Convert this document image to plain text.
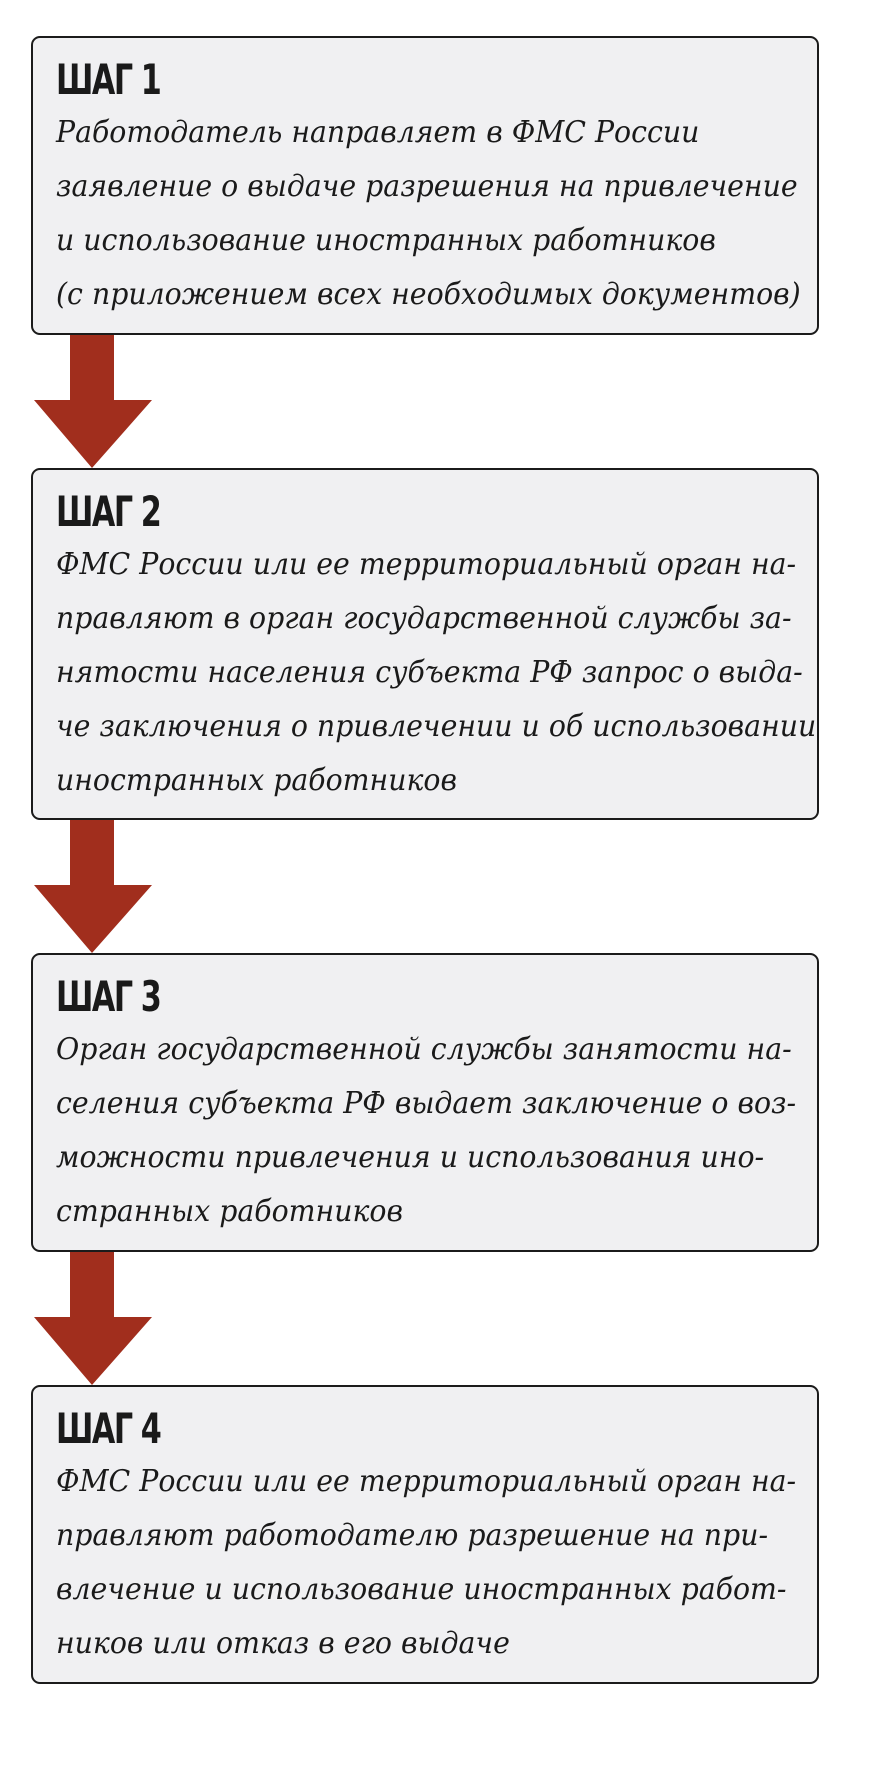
ШАГ 1
Работодатель направляет в ФМС России
заявление о выдаче разрешения на привлечение
и использование иностранных работников
(с приложением всех необходимых документов)
ШАГ 2
ФМС России или ее территориальный орган на-
правляют в орган государственной службы за-
нятости населения субъекта РФ запрос о выда-
че заключения о привлечении и об использовании
иностранных работников
ШАГ 3
Орган государственной службы занятости на-
селения субъекта РФ выдает заключение о воз-
можности привлечения и использования ино-
странных работников
ШАГ 4
ФМС России или ее территориальный орган на-
правляют работодателю разрешение на при-
влечение и использование иностранных работ-
ников или отказ в его выдаче
